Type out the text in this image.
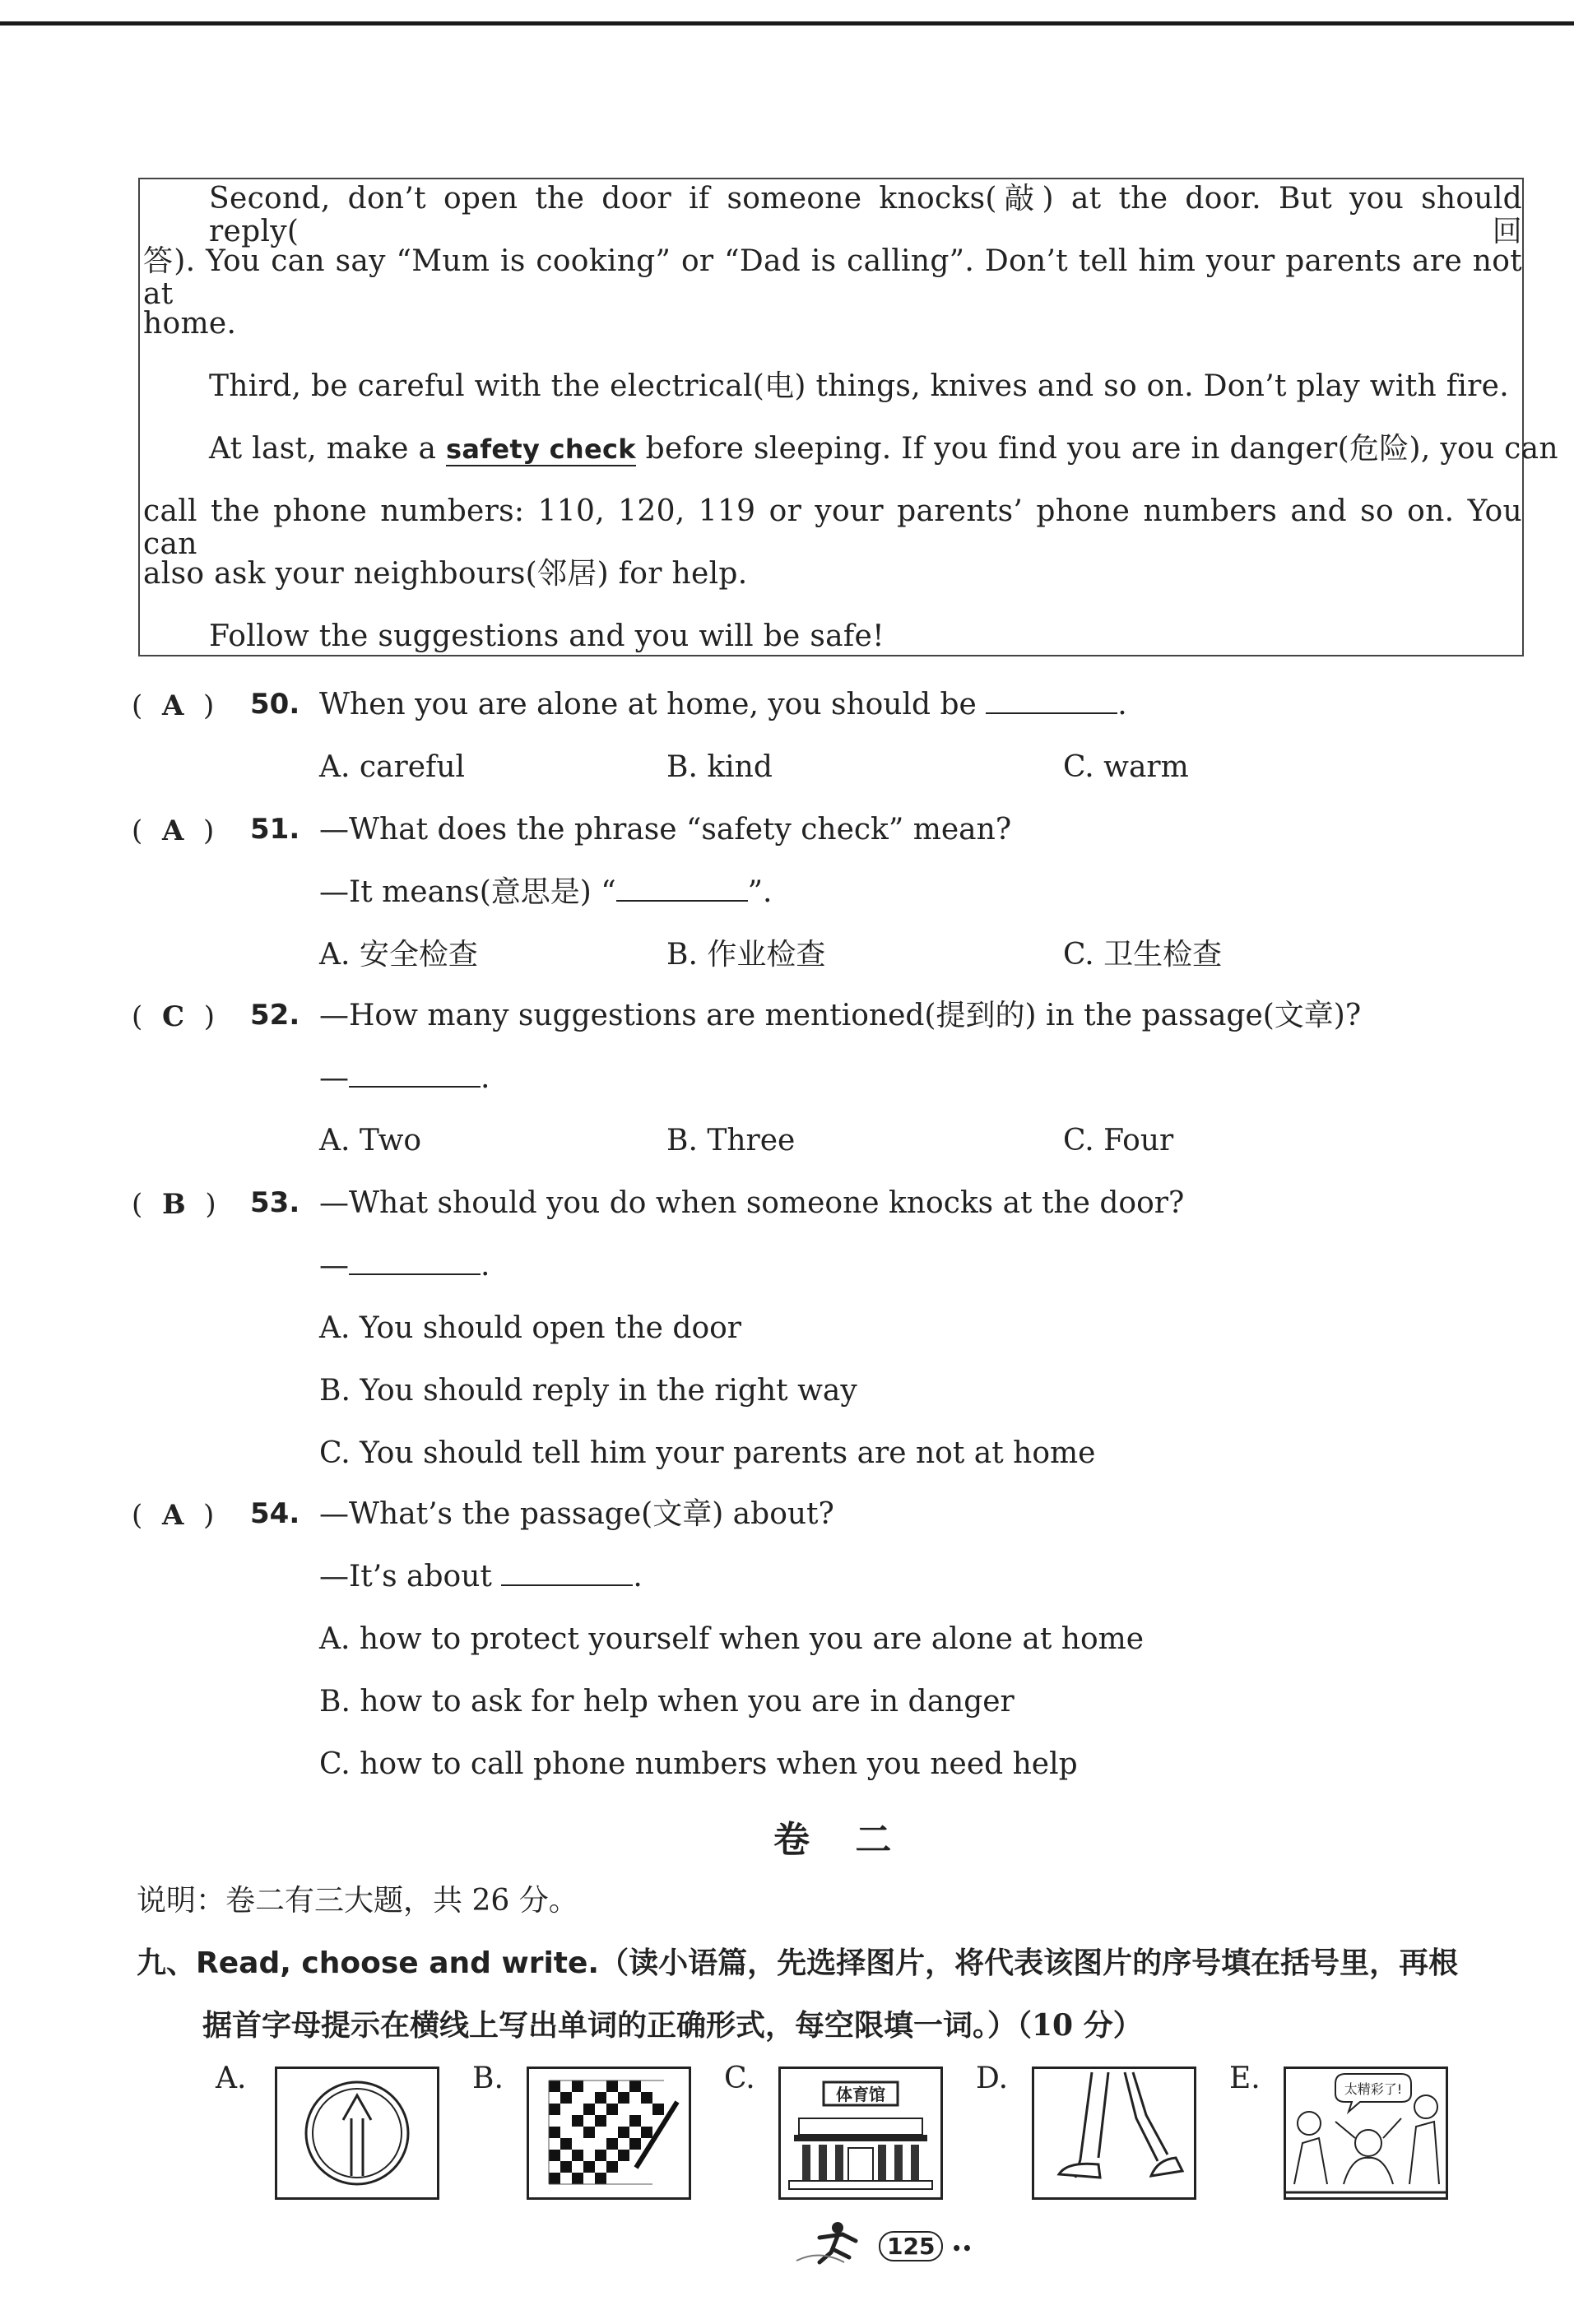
Second, don’t open the door if someone knocks(敲) at the door. But you should reply(回
答). You can say “Mum is cooking” or “Dad is calling”. Don’t tell him your parents are not at
home.
Third, be careful with the electrical(电) things, knives and so on. Don’t play with fire.
At last, make a safety check before sleeping. If you find you are in danger(危险), you can
call the phone numbers: 110, 120, 119 or your parents’ phone numbers and so on. You can
also ask your neighbours(邻居) for help.
Follow the suggestions and you will be safe!
( A ) 50. When you are alone at home, you should be	.
A. careful	B. kind	C. warm
( A ) 51. —What does the phrase “safety check” mean?
—It means(意思是) “	”.
A. 安全检查	B. 作业检查	C. 卫生检查
( C ) 52. —How many suggestions are mentioned(提到的) in the passage(文章)?
—	.
A. Two	B. Three	C. Four
( B ) 53. —What should you do when someone knocks at the door?
—	.
A. You should open the door
B. You should reply in the right way
C. You should tell him your parents are not at home
( A ) 54. —What’s the passage(文章) about?
—It’s about	.
A. how to protect yourself when you are alone at home
B. how to ask for help when you are in danger
C. how to call phone numbers when you need help
卷 二
说明：卷二有三大题，共 26 分。
九、Read, choose and write.（读小语篇，先选择图片，将代表该图片的序号填在括号里，再根
据首字母提示在横线上写出单词的正确形式，每空限填一词。）（10 分）
A.	B.	C.	体育馆	D.	E.	太精彩了!
125 ••
